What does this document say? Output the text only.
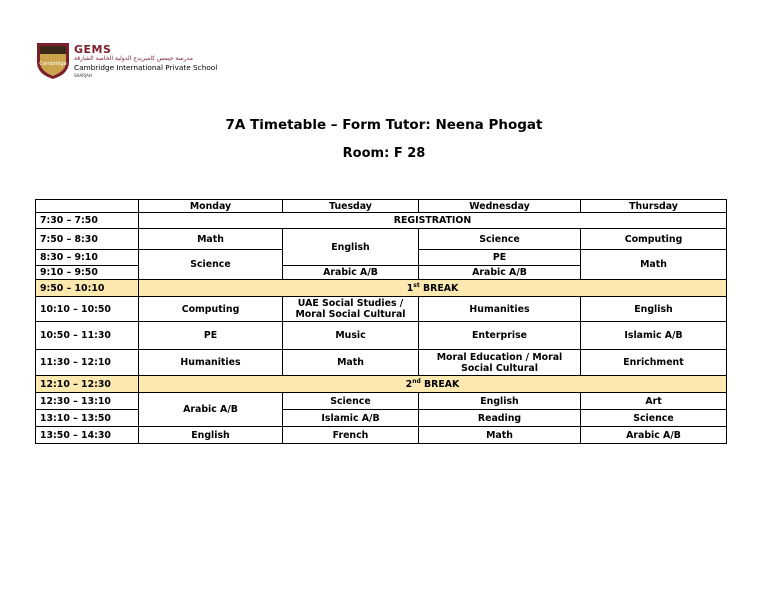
Cambridge
GEMS
مدرسة جيمس كامبريدج الدولية الخاصة الشارقة
Cambridge International Private School
SHARJAH
7A Timetable – Form Tutor: Neena Phogat
Room: F 28
	Monday	Tuesday	Wednesday	Thursday
7:30 – 7:50	REGISTRATION			
7:50 – 8:30	Math	English	Science	Computing
8:30 – 9:10	Science		PE	Math
9:10 – 9:50		Arabic A/B	Arabic A/B	
9:50 – 10:10	1st BREAK			
10:10 – 10:50	Computing	UAE Social Studies /
Moral Social Cultural	Humanities	English
10:50 – 11:30	PE	Music	Enterprise	Islamic A/B
11:30 – 12:10	Humanities	Math	Moral Education / Moral
Social Cultural	Enrichment
12:10 – 12:30	2nd BREAK			
12:30 – 13:10	Arabic A/B	Science	English	Art
13:10 – 13:50		Islamic A/B	Reading	Science
13:50 – 14:30	English	French	Math	Arabic A/B
